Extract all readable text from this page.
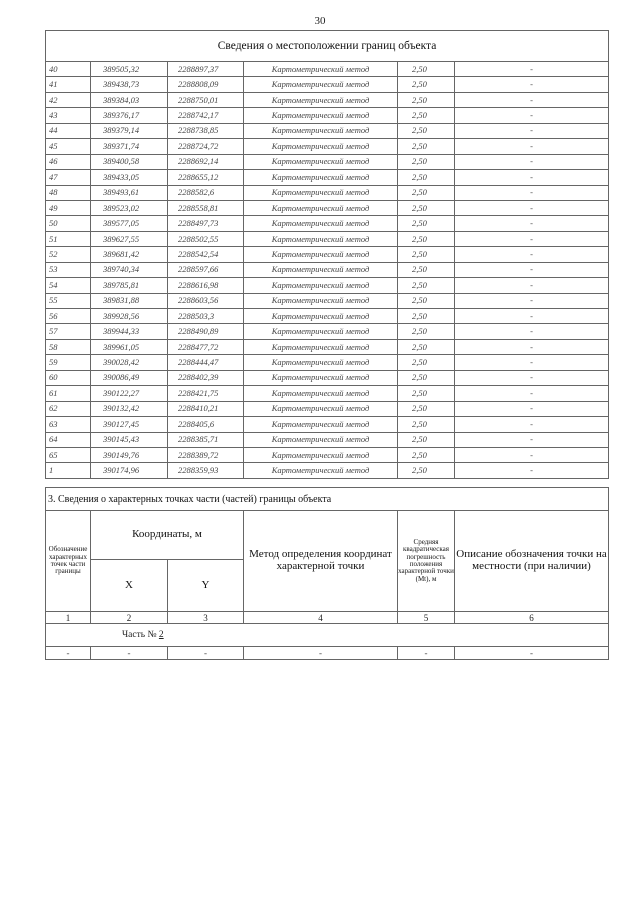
30
Сведения о местоположении границ объекта					
40	389505,32	2288897,37	Картометрический метод	2,50	-
41	389438,73	2288808,09	Картометрический метод	2,50	-
42	389384,03	2288750,01	Картометрический метод	2,50	-
43	389376,17	2288742,17	Картометрический метод	2,50	-
44	389379,14	2288738,85	Картометрический метод	2,50	-
45	389371,74	2288724,72	Картометрический метод	2,50	-
46	389400,58	2288692,14	Картометрический метод	2,50	-
47	389433,05	2288655,12	Картометрический метод	2,50	-
48	389493,61	2288582,6	Картометрический метод	2,50	-
49	389523,02	2288558,81	Картометрический метод	2,50	-
50	389577,05	2288497,73	Картометрический метод	2,50	-
51	389627,55	2288502,55	Картометрический метод	2,50	-
52	389681,42	2288542,54	Картометрический метод	2,50	-
53	389740,34	2288597,66	Картометрический метод	2,50	-
54	389785,81	2288616,98	Картометрический метод	2,50	-
55	389831,88	2288603,56	Картометрический метод	2,50	-
56	389928,56	2288503,3	Картометрический метод	2,50	-
57	389944,33	2288490,89	Картометрический метод	2,50	-
58	389961,05	2288477,72	Картометрический метод	2,50	-
59	390028,42	2288444,47	Картометрический метод	2,50	-
60	390086,49	2288402,39	Картометрический метод	2,50	-
61	390122,27	2288421,75	Картометрический метод	2,50	-
62	390132,42	2288410,21	Картометрический метод	2,50	-
63	390127,45	2288405,6	Картометрический метод	2,50	-
64	390145,43	2288385,71	Картометрический метод	2,50	-
65	390149,76	2288389,72	Картометрический метод	2,50	-
1	390174,96	2288359,93	Картометрический метод	2,50	-
3. Сведения о характерных точках части (частей) границы объекта					
Обозначение характерных точек части границы	Координаты, м		Метод определения координат характерной точки	Средняя квадратическая погрешность положения характерной точки (Mt), м	Описание обозначения точки на местности (при наличии)
	X	Y			
1	2	3	4	5	6
Часть № 2					
-	-	-	-	-	-
